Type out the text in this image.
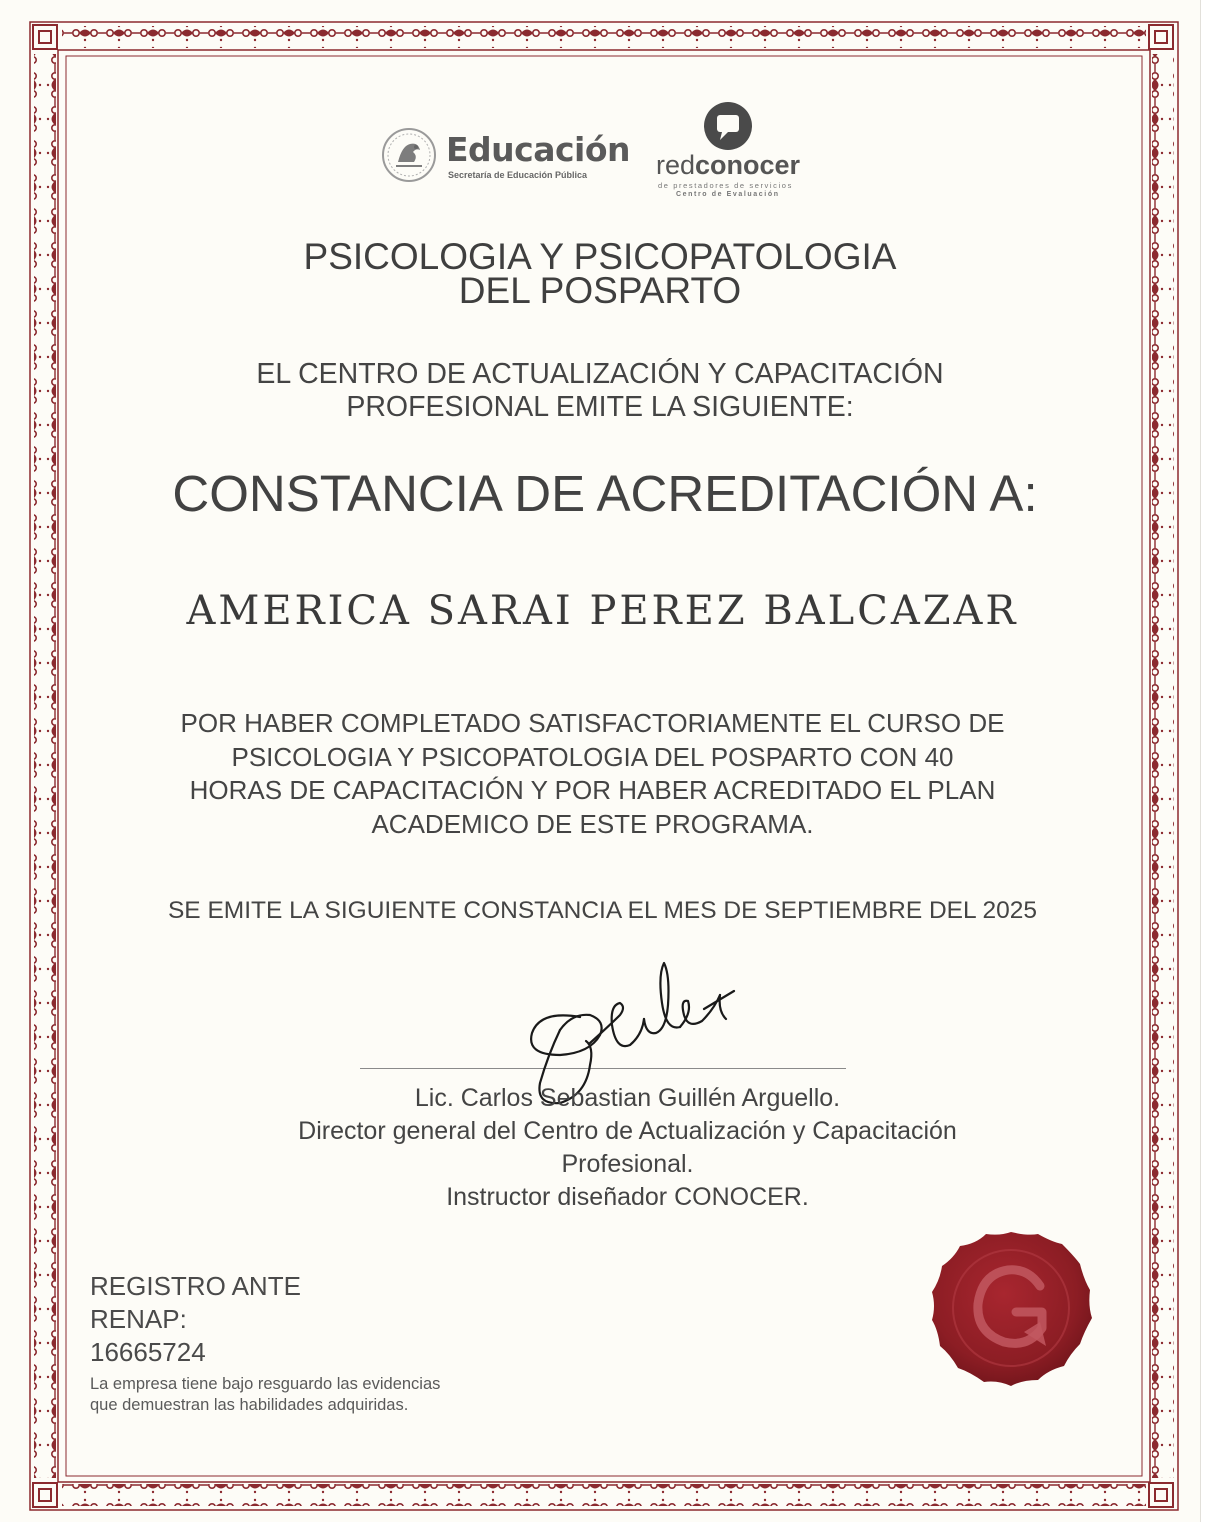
Educación
Secretaría de Educación Pública	redconocer
de prestadores de servicios
Centro de Evaluación
PSICOLOGIA Y PSICOPATOLOGIA
DEL POSPARTO
EL CENTRO DE ACTUALIZACIÓN Y CAPACITACIÓN
PROFESIONAL EMITE LA SIGUIENTE:
CONSTANCIA DE ACREDITACIÓN A:
AMERICA SARAI PEREZ BALCAZAR
POR HABER COMPLETADO SATISFACTORIAMENTE EL CURSO DE
PSICOLOGIA Y PSICOPATOLOGIA DEL POSPARTO CON 40
HORAS DE CAPACITACIÓN Y POR HABER ACREDITADO EL PLAN
ACADEMICO DE ESTE PROGRAMA.
SE EMITE LA SIGUIENTE CONSTANCIA EL MES DE SEPTIEMBRE DEL 2025
Lic. Carlos Sebastian Guillén Arguello.
Director general del Centro de Actualización y Capacitación
Profesional.
Instructor diseñador CONOCER.
REGISTRO ANTE
RENAP:
16665724
La empresa tiene bajo resguardo las evidencias
que demuestran las habilidades adquiridas.
